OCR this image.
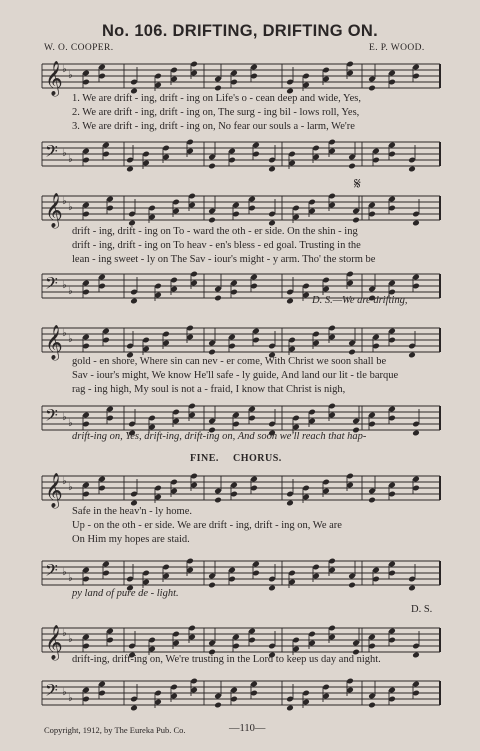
No. 106. DRIFTING, DRIFTING ON.
W. O. COOPER.	E. P. WOOD.
𝄞 ♭
♭
1. We are drift - ing, drift - ing on Life's o - cean deep and wide, Yes,
2. We are drift - ing, drift - ing on, The surg - ing bil - lows roll, Yes,
3. We are drift - ing, drift - ing on, No fear our souls a - larm, We're
𝄢 ♭
♭
𝄞 ♭
♭
𝄋
drift - ing, drift - ing on To - ward the oth - er side. On the shin - ing
drift - ing, drift - ing on To heav - en's bless - ed goal. Trusting in the
lean - ing sweet - ly on The Sav - iour's might - y arm. Tho' the storm be
𝄢 ♭
♭
D. S.—We are drifting,
𝄞 ♭
♭
gold - en shore, Where sin can nev - er come, With Christ we soon shall be
Sav - iour's might, We know He'll safe - ly guide, And land our lit - tle barque
rag - ing high, My soul is not a - fraid, I know that Christ is nigh,
𝄢 ♭
♭
drift-ing on, Yes, drift-ing, drift-ing on, And soon we'll reach that hap-
FINE. CHORUS.
𝄞 ♭
♭
Safe in the heav'n - ly home.
Up - on the oth - er side. We are drift - ing, drift - ing on, We are
On Him my hopes are staid.
𝄢 ♭
♭
py land of pure de - light.
D. S.
𝄞 ♭
♭
drift-ing, drift-ing on, We're trusting in the Lord to keep us day and night.
𝄢 ♭
♭
Copyright, 1912, by The Eureka Pub. Co.	—110—
